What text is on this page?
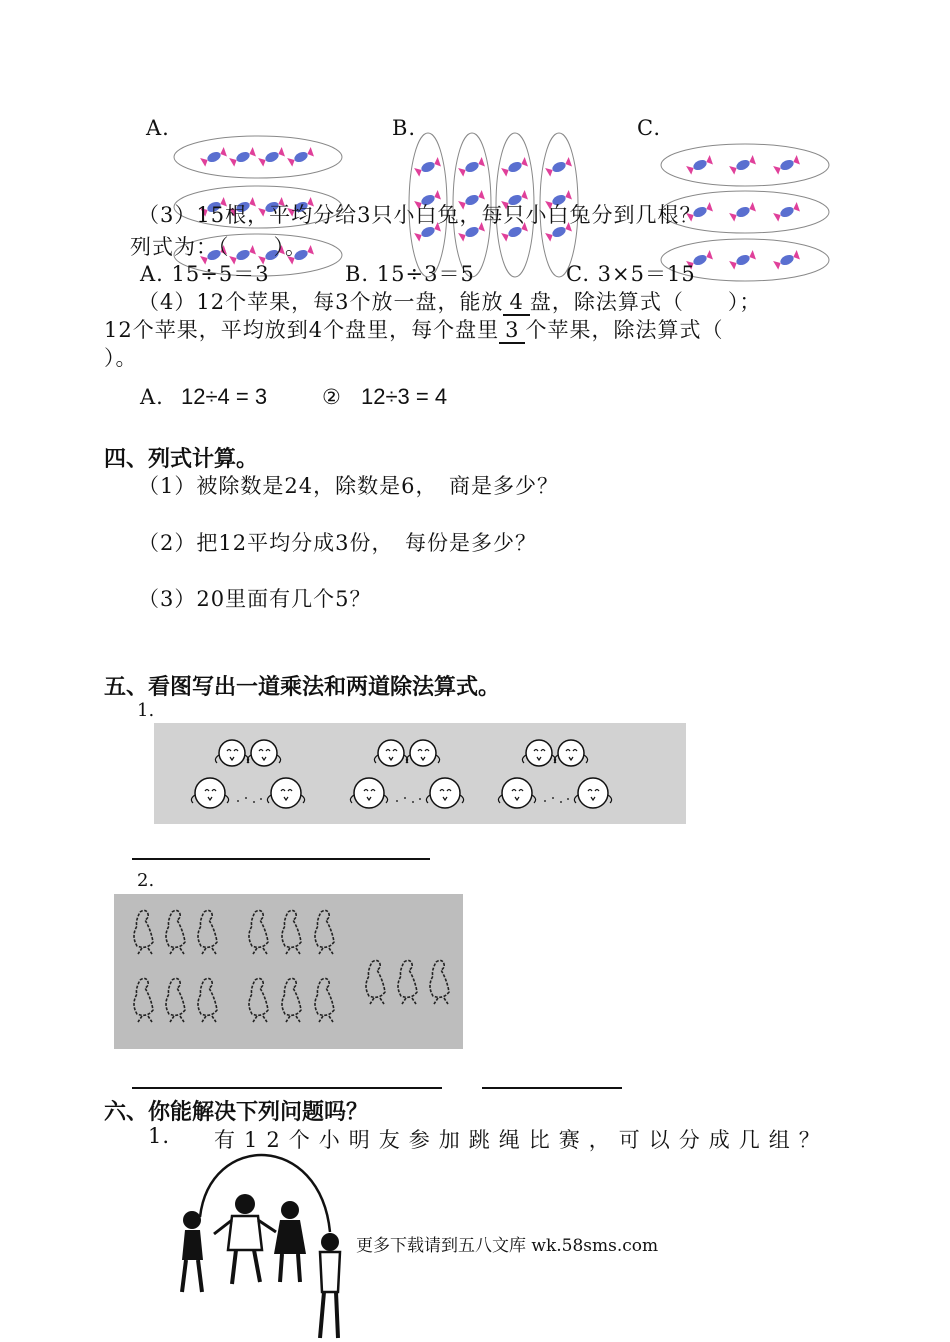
A.	B.	C.
（3）15根，平均分给3只小白兔，每只小白兔分到几根？
列式为：（　　）。
A. 15÷5＝3	B. 15÷3＝5	C. 3×5＝15
（4）12个苹果，每3个放一盘，能放 4 盘，除法算式（　　）；
12个苹果，平均放到4个盘里，每个盘里 3 个苹果，除法算式（
）。
A. 12÷4 = 3	② 12÷3 = 4
四、列式计算。
（1）被除数是24，除数是6，　商是多少？
（2）把12平均分成3份，　每份是多少？
（3）20里面有几个5？
五、看图写出一道乘法和两道除法算式。
1.
2.
六、你能解决下列问题吗？
1. 有12个小明友参加跳绳比赛，可以分成几组？
更多下载请到五八文库 wk.58sms.com
